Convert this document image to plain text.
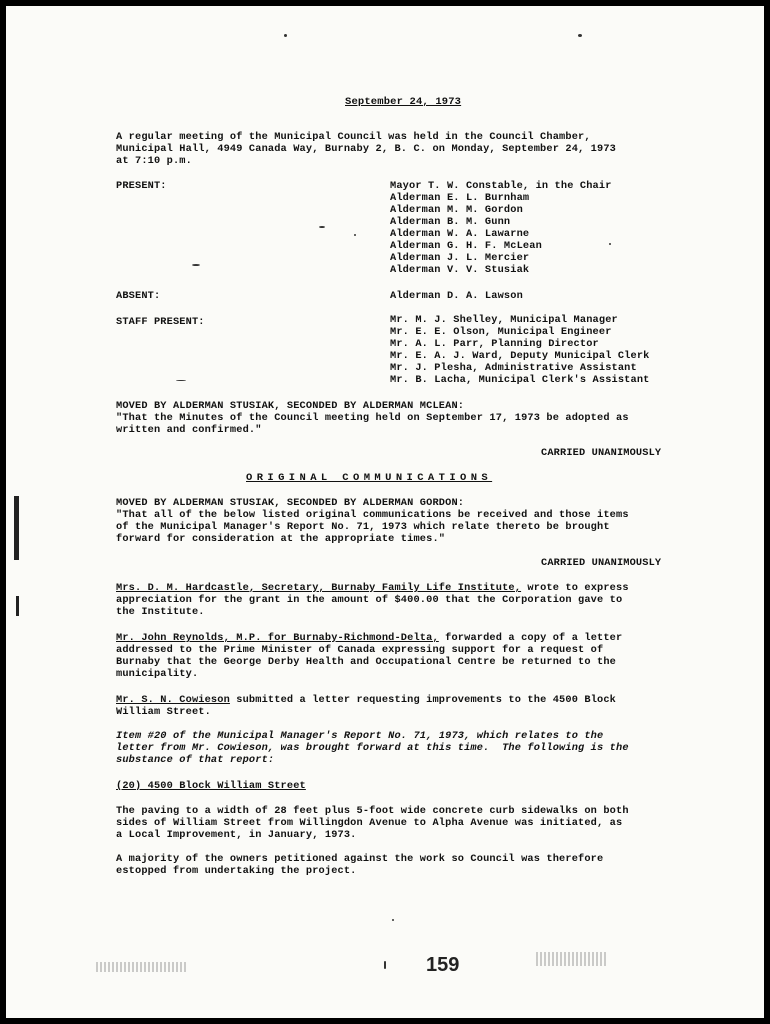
September 24, 1973
A regular meeting of the Municipal Council was held in the Council Chamber,
Municipal Hall, 4949 Canada Way, Burnaby 2, B. C. on Monday, September 24, 1973
at 7:10 p.m.
PRESENT:	Mayor T. W. Constable, in the Chair
Alderman E. L. Burnham
Alderman M. M. Gordon
Alderman B. M. Gunn
Alderman W. A. Lawarne
Alderman G. H. F. McLean
Alderman J. L. Mercier
Alderman V. V. Stusiak
ABSENT:	Alderman D. A. Lawson
STAFF PRESENT:	Mr. M. J. Shelley, Municipal Manager
Mr. E. E. Olson, Municipal Engineer
Mr. A. L. Parr, Planning Director
Mr. E. A. J. Ward, Deputy Municipal Clerk
Mr. J. Plesha, Administrative Assistant
Mr. B. Lacha, Municipal Clerk's Assistant
MOVED BY ALDERMAN STUSIAK, SECONDED BY ALDERMAN MCLEAN:
"That the Minutes of the Council meeting held on September 17, 1973 be adopted as
written and confirmed."
CARRIED UNANIMOUSLY
ORIGINAL COMMUNICATIONS
MOVED BY ALDERMAN STUSIAK, SECONDED BY ALDERMAN GORDON:
"That all of the below listed original communications be received and those items
of the Municipal Manager's Report No. 71, 1973 which relate thereto be brought
forward for consideration at the appropriate times."
CARRIED UNANIMOUSLY
Mrs. D. M. Hardcastle, Secretary, Burnaby Family Life Institute, wrote to express
appreciation for the grant in the amount of $400.00 that the Corporation gave to
the Institute.
Mr. John Reynolds, M.P. for Burnaby-Richmond-Delta, forwarded a copy of a letter
addressed to the Prime Minister of Canada expressing support for a request of
Burnaby that the George Derby Health and Occupational Centre be returned to the
municipality.
Mr. S. N. Cowieson submitted a letter requesting improvements to the 4500 Block
William Street.
Item #20 of the Municipal Manager's Report No. 71, 1973, which relates to the
letter from Mr. Cowieson, was brought forward at this time.  The following is the
substance of that report:
(20) 4500 Block William Street
The paving to a width of 28 feet plus 5-foot wide concrete curb sidewalks on both
sides of William Street from Willingdon Avenue to Alpha Avenue was initiated, as
a Local Improvement, in January, 1973.
A majority of the owners petitioned against the work so Council was therefore
estopped from undertaking the project.
159
